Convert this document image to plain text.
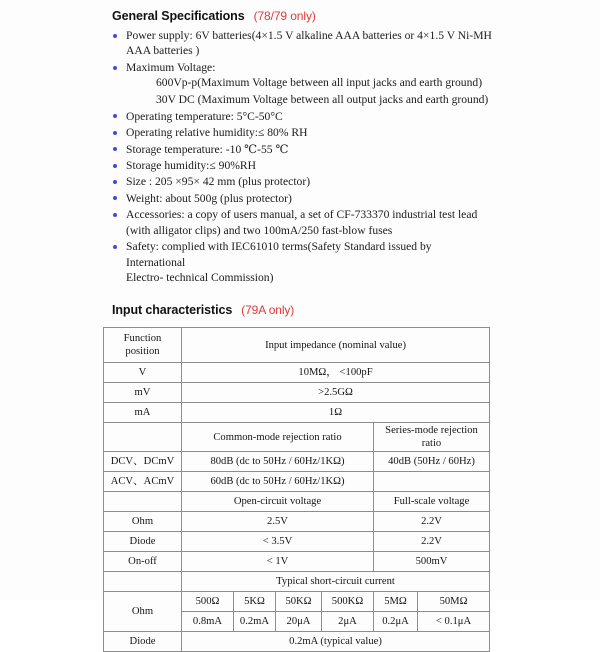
General Specifications (78/79 only)
Power supply: 6V batteries(4×1.5 V alkaline AAA batteries or 4×1.5 V Ni-MH
AAA batteries )
Maximum Voltage:
600Vp-p(Maximum Voltage between all input jacks and earth ground)
30V DC (Maximum Voltage between all output jacks and earth ground)
Operating temperature: 5°C-50°C
Operating relative humidity:≤ 80% RH
Storage temperature: -10 ℃-55 ℃
Storage humidity:≤ 90%RH
Size : 205 ×95× 42 mm (plus protector)
Weight: about 500g (plus protector)
Accessories: a copy of users manual, a set of CF-733370 industrial test lead
(with alligator clips) and two 100mA/250 fast-blow fuses
Safety: complied with IEC61010 terms(Safety Standard issued by International
Electro- technical Commission)
Input characteristics (79A only)
Function
position	Input impedance (nominal value)					
V	10MΩ， <100pF					
mV	>2.5GΩ					
mA	1Ω					
	Common-mode rejection ratio				Series-mode rejection ratio	
DCV、DCmV	80dB (dc to 50Hz / 60Hz/1KΩ)				40dB (50Hz / 60Hz)	
ACV、ACmV	60dB (dc to 50Hz / 60Hz/1KΩ)					
	Open-circuit voltage				Full-scale voltage	
Ohm	2.5V				2.2V	
Diode	< 3.5V				2.2V	
On-off	< 1V				500mV	
	Typical short-circuit current					
Ohm	500Ω	5KΩ	50KΩ	500KΩ	5MΩ	50MΩ
	0.8mA	0.2mA	20μA	2μA	0.2μA	< 0.1μA
Diode	0.2mA (typical value)					
